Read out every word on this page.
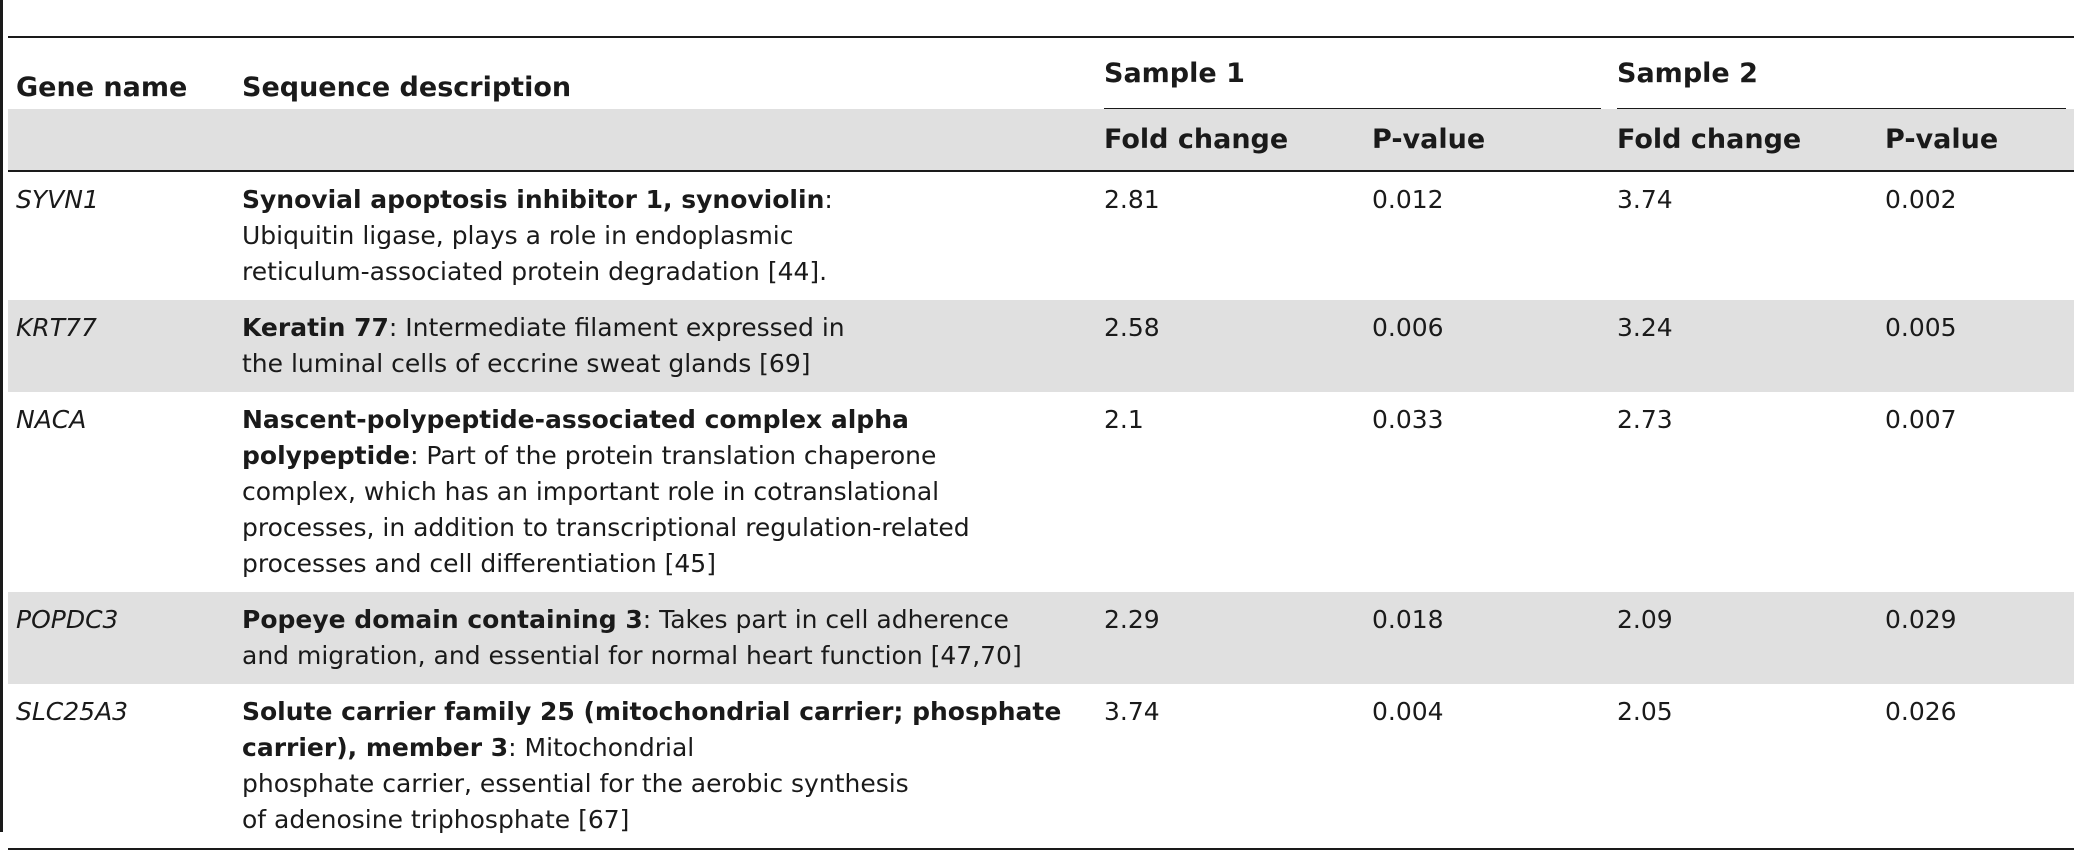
Gene name	Sequence description	Sample 1		Sample 2	

		Fold change	P-value	Fold change	P-value
SYVN1	Synovial apoptosis inhibitor 1, synoviolin:
Ubiquitin ligase, plays a role in endoplasmic
reticulum-associated protein degradation [44].	2.81	0.012	3.74	0.002
KRT77	Keratin 77: Intermediate filament expressed in
the luminal cells of eccrine sweat glands [69]	2.58	0.006	3.24	0.005
NACA	Nascent-polypeptide-associated complex alpha polypeptide: Part of the protein translation chaperone
complex, which has an important role in cotranslational
processes, in addition to transcriptional regulation-related
processes and cell differentiation [45]	2.1	0.033	2.73	0.007
POPDC3	Popeye domain containing 3: Takes part in cell adherence
and migration, and essential for normal heart function [47,70]	2.29	0.018	2.09	0.029
SLC25A3	Solute carrier family 25 (mitochondrial carrier; phosphate carrier), member 3: Mitochondrial
phosphate carrier, essential for the aerobic synthesis
of adenosine triphosphate [67]	3.74	0.004	2.05	0.026
